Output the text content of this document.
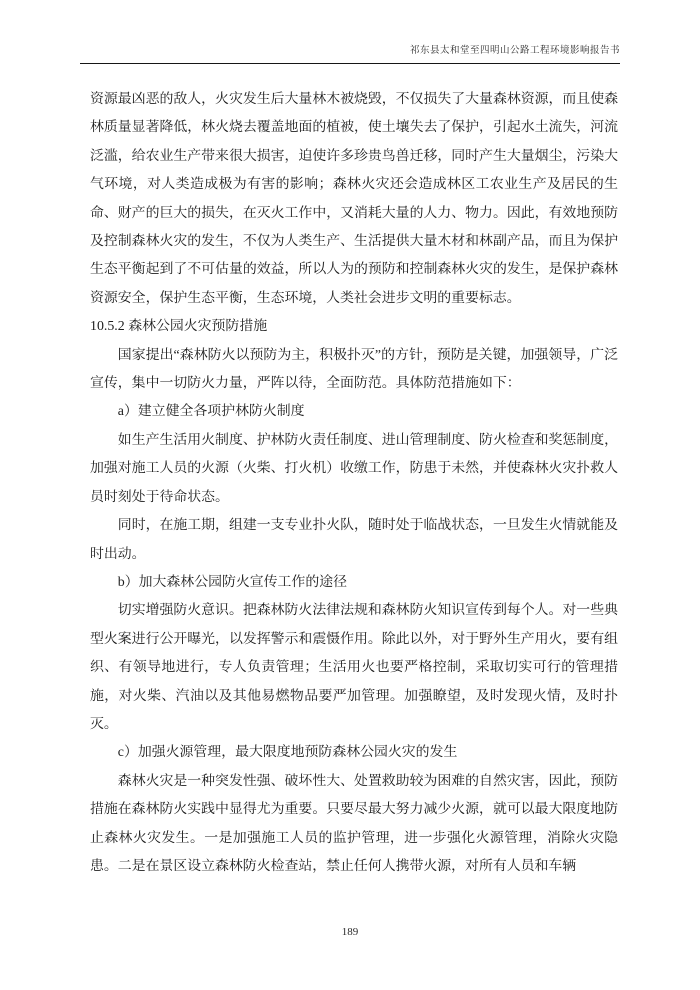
祁东县太和堂至四明山公路工程环境影响报告书

资源最凶恶的敌人，火灾发生后大量林木被烧毁，不仅损失了大量森林资源，而且使森林质量显著降低，林火烧去覆盖地面的植被，使土壤失去了保护，引起水土流失，河流泛滥，给农业生产带来很大损害，迫使许多珍贵鸟兽迁移，同时产生大量烟尘，污染大气环境，对人类造成极为有害的影响；森林火灾还会造成林区工农业生产及居民的生命、财产的巨大的损失，在灭火工作中，又消耗大量的人力、物力。因此，有效地预防及控制森林火灾的发生，不仅为人类生产、生活提供大量木材和林副产品，而且为保护生态平衡起到了不可估量的效益，所以人为的预防和控制森林火灾的发生，是保护森林资源安全，保护生态平衡，生态环境，人类社会进步文明的重要标志。

10.5.2 森林公园火灾预防措施

国家提出“森林防火以预防为主，积极扑灭”的方针，预防是关键，加强领导，广泛宣传，集中一切防火力量，严阵以待，全面防范。具体防范措施如下：

a）建立健全各项护林防火制度

如生产生活用火制度、护林防火责任制度、进山管理制度、防火检查和奖惩制度，加强对施工人员的火源（火柴、打火机）收缴工作，防患于未然，并使森林火灾扑救人员时刻处于待命状态。

同时，在施工期，组建一支专业扑火队，随时处于临战状态，一旦发生火情就能及时出动。

b）加大森林公园防火宣传工作的途径

切实增强防火意识。把森林防火法律法规和森林防火知识宣传到每个人。对一些典型火案进行公开曝光，以发挥警示和震慑作用。除此以外，对于野外生产用火，要有组织、有领导地进行，专人负责管理；生活用火也要严格控制，采取切实可行的管理措施，对火柴、汽油以及其他易燃物品要严加管理。加强瞭望，及时发现火情，及时扑灭。

c）加强火源管理，最大限度地预防森林公园火灾的发生

森林火灾是一种突发性强、破坏性大、处置救助较为困难的自然灾害，因此，预防措施在森林防火实践中显得尤为重要。只要尽最大努力减少火源，就可以最大限度地防止森林火灾发生。一是加强施工人员的监护管理，进一步强化火源管理，消除火灾隐患。二是在景区设立森林防火检查站，禁止任何人携带火源，对所有人员和车辆

189
